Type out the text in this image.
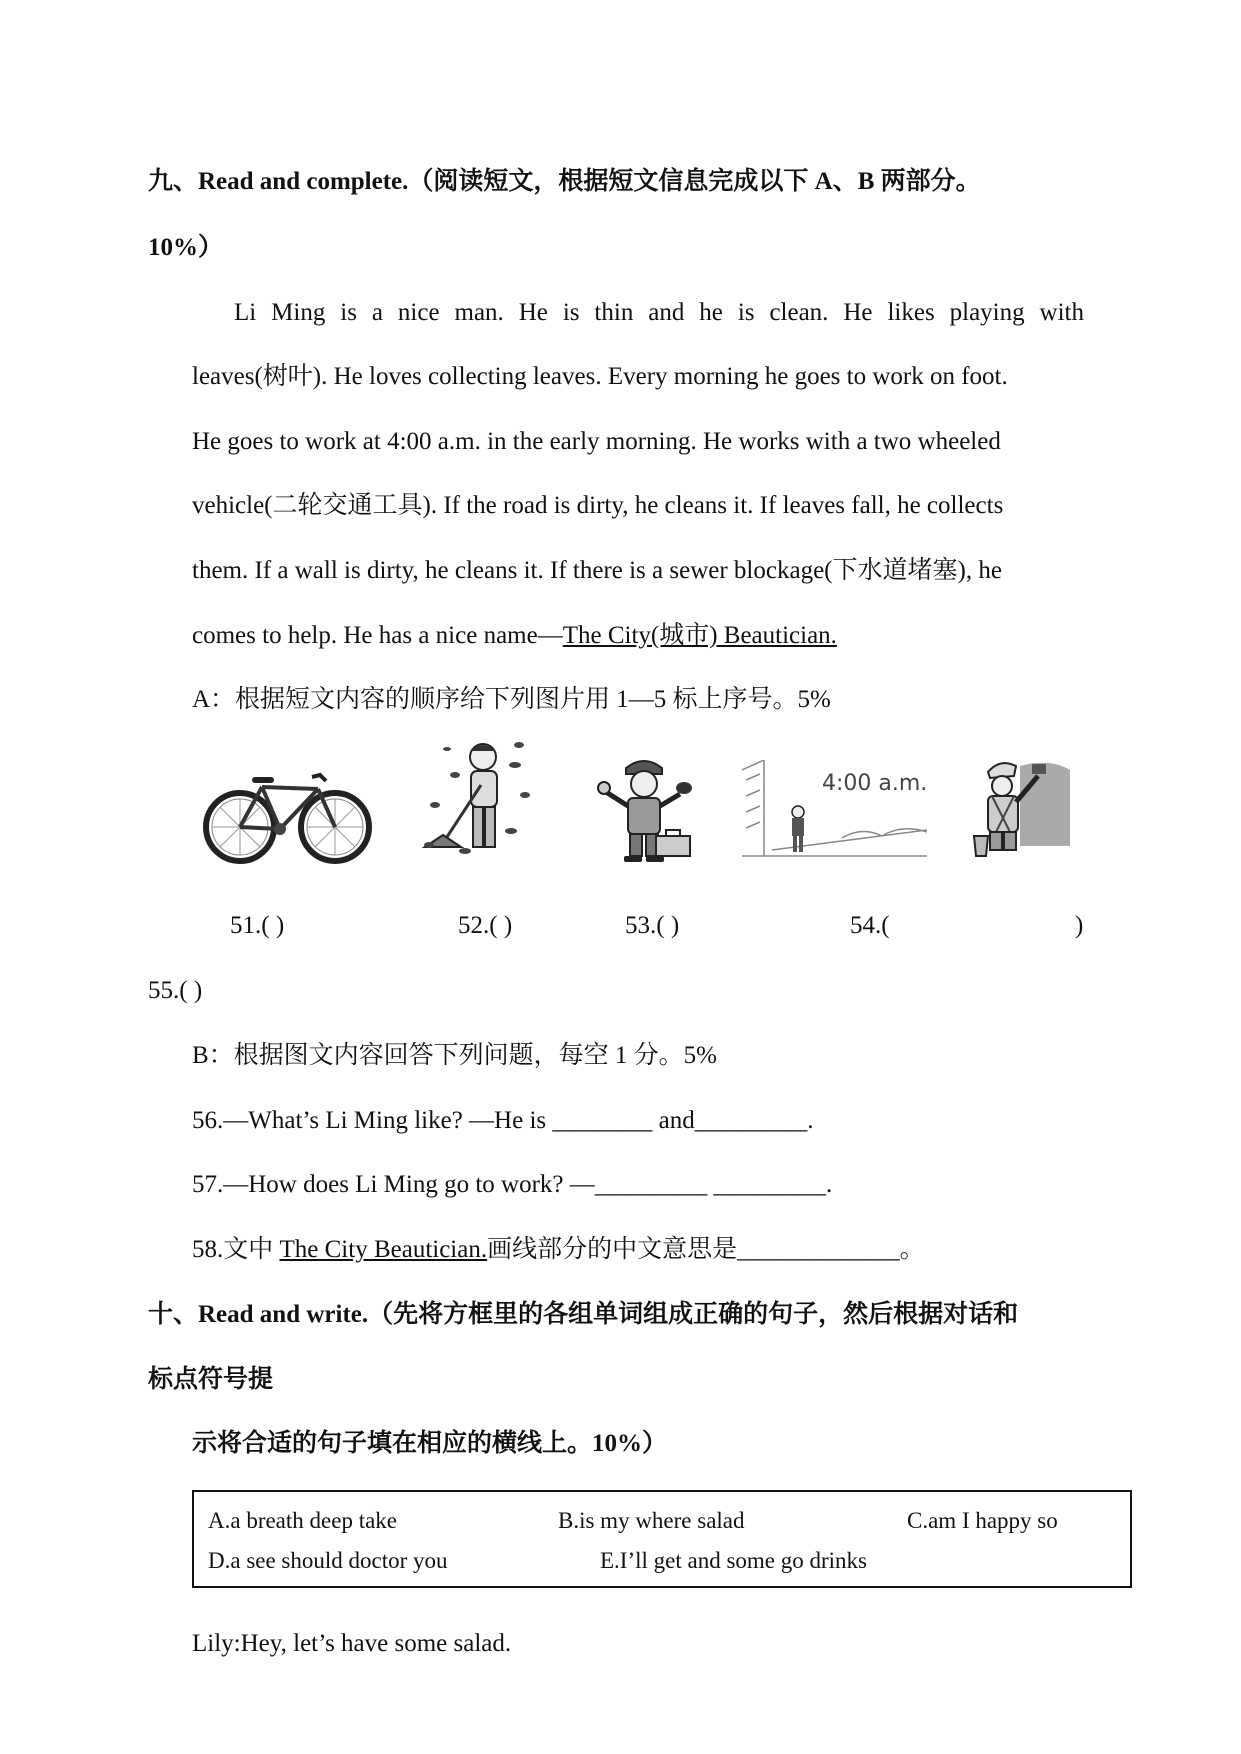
九、Read and complete.（阅读短文，根据短文信息完成以下 A、B 两部分。
10%）
Li Ming is a nice man. He is thin and he is clean. He likes playing with
leaves(树叶). He loves collecting leaves. Every morning he goes to work on foot.
He goes to work at 4:00 a.m. in the early morning. He works with a two wheeled
vehicle(二轮交通工具). If the road is dirty, he cleans it. If leaves fall, he collects
them. If a wall is dirty, he cleans it. If there is a sewer blockage(下水道堵塞), he
comes to help. He has a nice name—The City(城市) Beautician.
A：根据短文内容的顺序给下列图片用 1—5 标上序号。5%
4:00 a.m.
51.( )	52.( )	53.( )	54.(	)
55.( )
B：根据图文内容回答下列问题，每空 1 分。5%
56.—What’s Li Ming like? —He is ________ and_________.
57.—How does Li Ming go to work? —_________ _________.
58.文中 The City Beautician.画线部分的中文意思是_____________。
十、Read and write.（先将方框里的各组单词组成正确的句子，然后根据对话和
标点符号提
示将合适的句子填在相应的横线上。10%）
A.a breath deep take	B.is my where salad	C.am I happy so
D.a see should doctor you	E.I’ll get and some go drinks
Lily:Hey, let’s have some salad.
